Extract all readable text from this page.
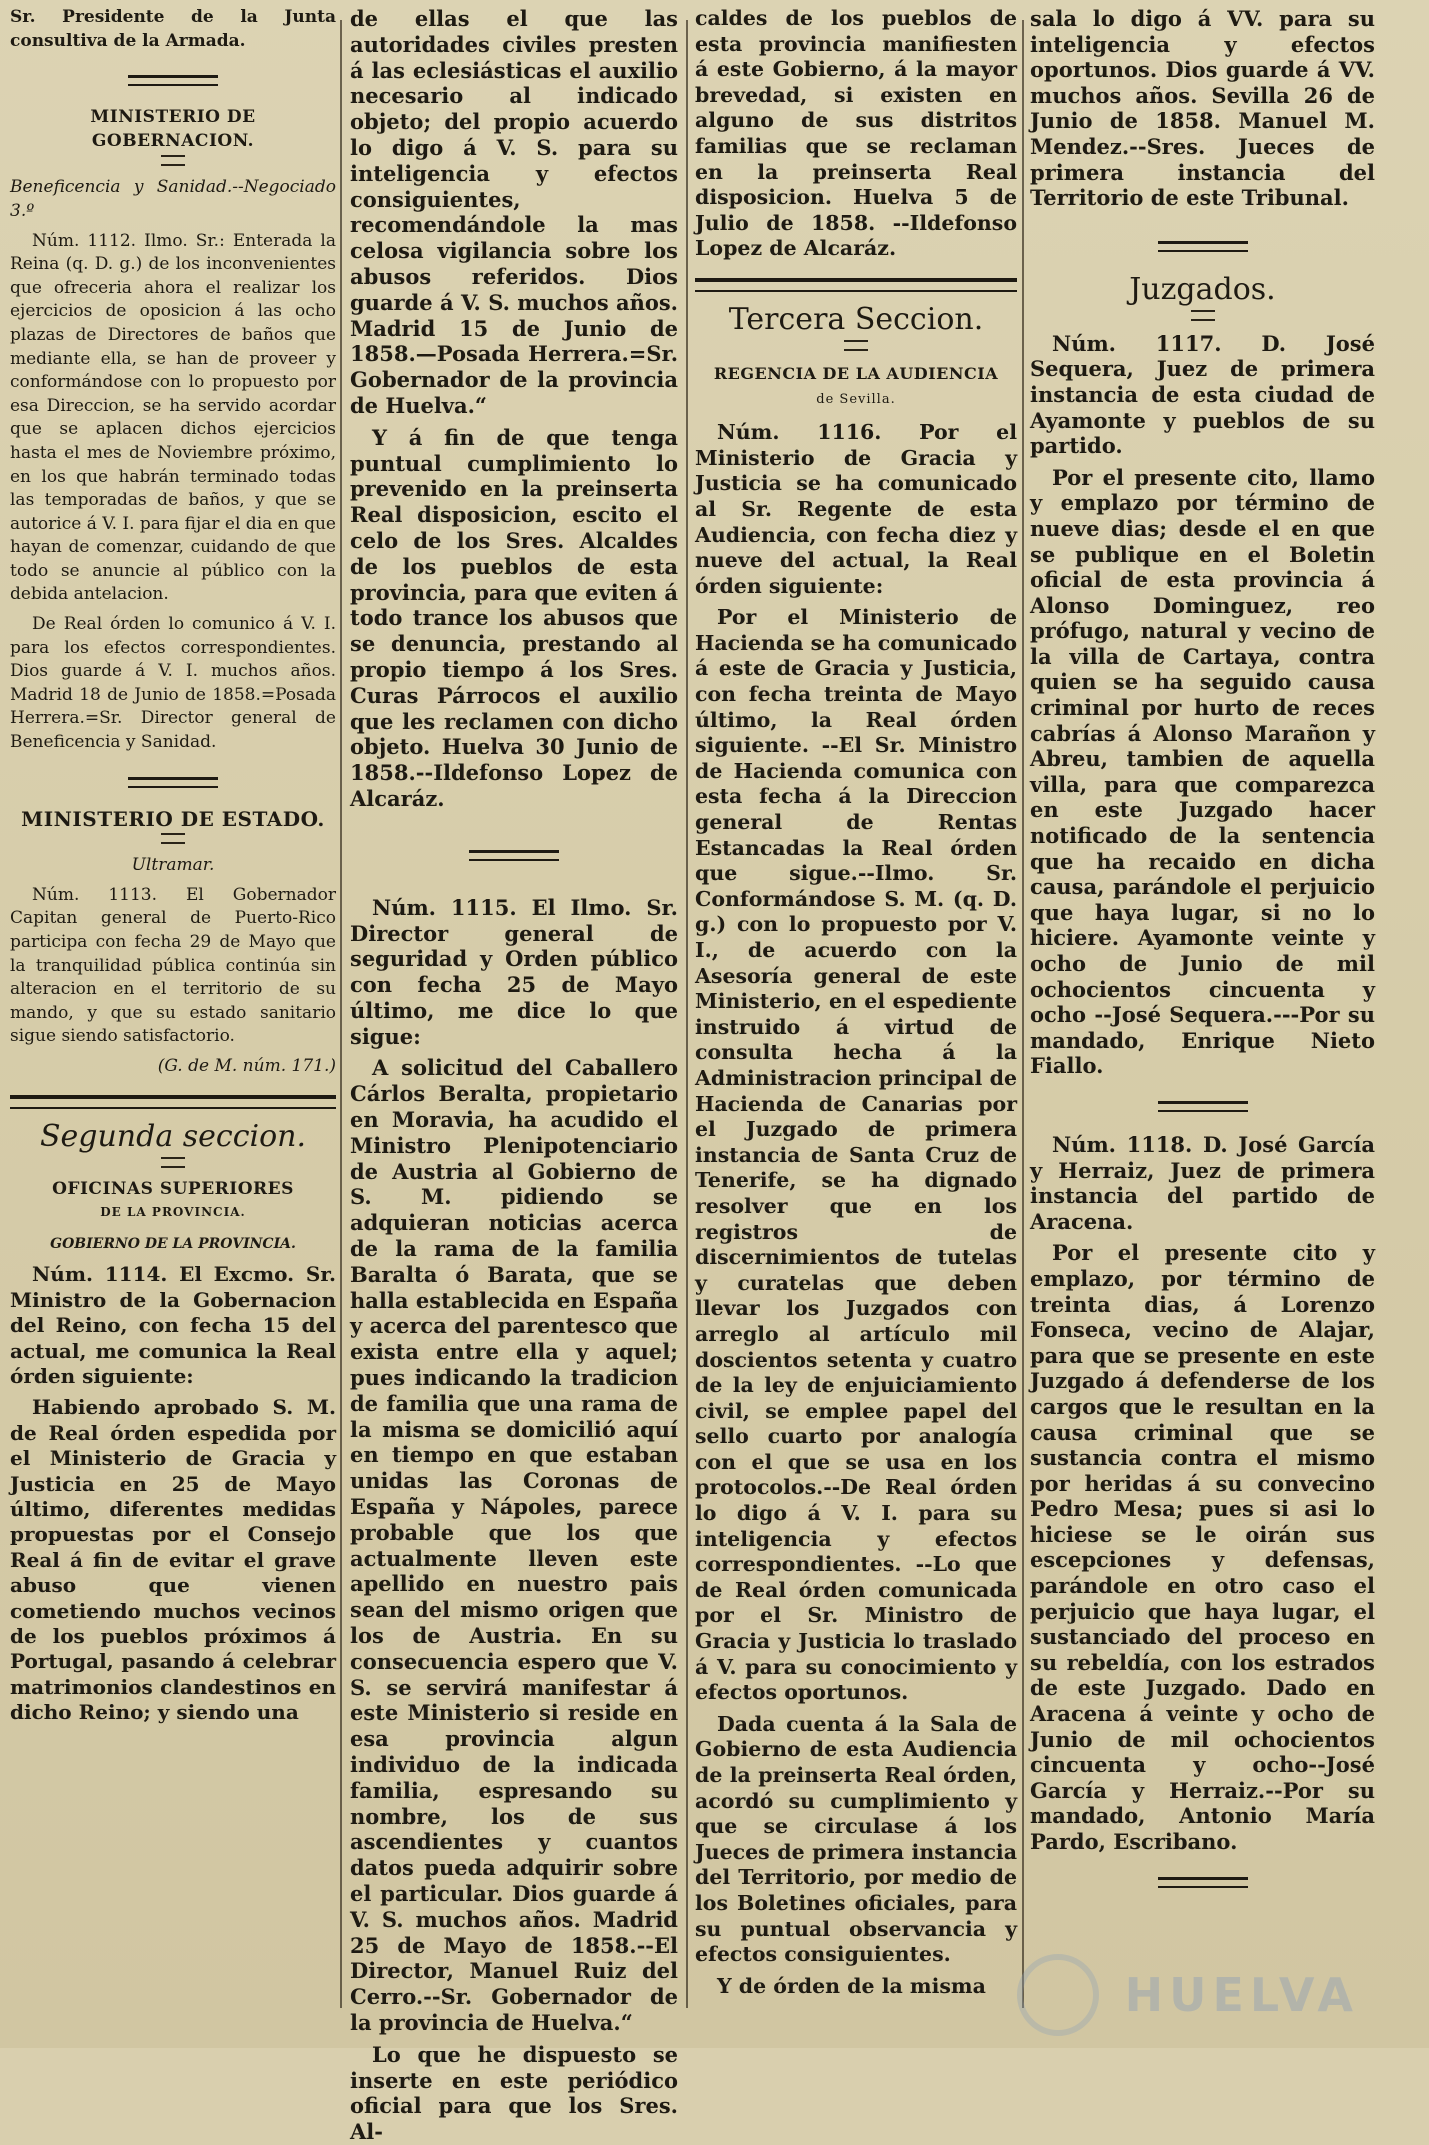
Sr. Presidente de la Junta consultiva de la Armada.

MINISTERIO DE GOBERNACION.

Beneficencia y Sanidad.--Negociado 3.º

Núm. 1112. Ilmo. Sr.: Enterada la Reina (q. D. g.) de los inconvenientes que ofreceria ahora el realizar los ejercicios de oposicion á las ocho plazas de Directores de baños que mediante ella, se han de proveer y conformándose con lo propuesto por esa Direccion, se ha servido acordar que se aplacen dichos ejercicios hasta el mes de Noviembre próximo, en los que habrán terminado todas las temporadas de baños, y que se autorice á V. I. para fijar el dia en que hayan de comenzar, cuidando de que todo se anuncie al público con la debida antelacion.

De Real órden lo comunico á V. I. para los efectos correspondientes. Dios guarde á V. I. muchos años. Madrid 18 de Junio de 1858.=Posada Herrera.=Sr. Director general de Beneficencia y Sanidad.

MINISTERIO DE ESTADO.
Ultramar.

Núm. 1113. El Gobernador Capitan general de Puerto-Rico participa con fecha 29 de Mayo que la tranquilidad pública continúa sin alteracion en el territorio de su mando, y que su estado sanitario sigue siendo satisfactorio.

(G. de M. núm. 171.)

Segunda seccion.
OFICINAS SUPERIORES
DE LA PROVINCIA.
GOBIERNO DE LA PROVINCIA.

Núm. 1114. El Excmo. Sr. Ministro de la Gobernacion del Reino, con fecha 15 del actual, me comunica la Real órden siguiente:

Habiendo aprobado S. M. de Real órden espedida por el Ministerio de Gracia y Justicia en 25 de Mayo último, diferentes medidas propuestas por el Consejo Real á fin de evitar el grave abuso que vienen cometiendo muchos vecinos de los pueblos próximos á Portugal, pasando á celebrar matrimonios clandestinos en dicho Reino; y siendo una

de ellas el que las autoridades civiles presten á las eclesiásticas el auxilio necesario al indicado objeto; del propio acuerdo lo digo á V. S. para su inteligencia y efectos consiguientes, recomendándole la mas celosa vigilancia sobre los abusos referidos. Dios guarde á V. S. muchos años. Madrid 15 de Junio de 1858.—Posada Herrera.=Sr. Gobernador de la provincia de Huelva.“

Y á fin de que tenga puntual cumplimiento lo prevenido en la preinserta Real disposicion, escito el celo de los Sres. Alcaldes de los pueblos de esta provincia, para que eviten á todo trance los abusos que se denuncia, prestando al propio tiempo á los Sres. Curas Párrocos el auxilio que les reclamen con dicho objeto. Huelva 30 Junio de 1858.--Ildefonso Lopez de Alcaráz.

Núm. 1115. El Ilmo. Sr. Director general de seguridad y Orden público con fecha 25 de Mayo último, me dice lo que sigue:

A solicitud del Caballero Cárlos Beralta, propietario en Moravia, ha acudido el Ministro Plenipotenciario de Austria al Gobierno de S. M. pidiendo se adquieran noticias acerca de la rama de la familia Baralta ó Barata, que se halla establecida en España y acerca del parentesco que exista entre ella y aquel; pues indicando la tradicion de familia que una rama de la misma se domicilió aquí en tiempo en que estaban unidas las Coronas de España y Nápoles, parece probable que los que actualmente lleven este apellido en nuestro pais sean del mismo origen que los de Austria. En su consecuencia espero que V. S. se servirá manifestar á este Ministerio si reside en esa provincia algun individuo de la indicada familia, espresando su nombre, los de sus ascendientes y cuantos datos pueda adquirir sobre el particular. Dios guarde á V. S. muchos años. Madrid 25 de Mayo de 1858.--El Director, Manuel Ruiz del Cerro.--Sr. Gobernador de la provincia de Huelva.“

Lo que he dispuesto se inserte en este periódico oficial para que los Sres. Al-

caldes de los pueblos de esta provincia manifiesten á este Gobierno, á la mayor brevedad, si existen en alguno de sus distritos familias que se reclaman en la preinserta Real disposicion. Huelva 5 de Julio de 1858. --Ildefonso Lopez de Alcaráz.

Tercera Seccion.
REGENCIA DE LA AUDIENCIA
de Sevilla.

Núm. 1116. Por el Ministerio de Gracia y Justicia se ha comunicado al Sr. Regente de esta Audiencia, con fecha diez y nueve del actual, la Real órden siguiente:

Por el Ministerio de Hacienda se ha comunicado á este de Gracia y Justicia, con fecha treinta de Mayo último, la Real órden siguiente. --El Sr. Ministro de Hacienda comunica con esta fecha á la Direccion general de Rentas Estancadas la Real órden que sigue.--Ilmo. Sr. Conformándose S. M. (q. D. g.) con lo propuesto por V. I., de acuerdo con la Asesoría general de este Ministerio, en el espediente instruido á virtud de consulta hecha á la Administracion principal de Hacienda de Canarias por el Juzgado de primera instancia de Santa Cruz de Tenerife, se ha dignado resolver que en los registros de discernimientos de tutelas y curatelas que deben llevar los Juzgados con arreglo al artículo mil doscientos setenta y cuatro de la ley de enjuiciamiento civil, se emplee papel del sello cuarto por analogía con el que se usa en los protocolos.--De Real órden lo digo á V. I. para su inteligencia y efectos correspondientes. --Lo que de Real órden comunicada por el Sr. Ministro de Gracia y Justicia lo traslado á V. para su conocimiento y efectos oportunos.

Dada cuenta á la Sala de Gobierno de esta Audiencia de la preinserta Real órden, acordó su cumplimiento y que se circulase á los Jueces de primera instancia del Territorio, por medio de los Boletines oficiales, para su puntual observancia y efectos consiguientes.

Y de órden de la misma

sala lo digo á VV. para su inteligencia y efectos oportunos. Dios guarde á VV. muchos años. Sevilla 26 de Junio de 1858. Manuel M. Mendez.--Sres. Jueces de primera instancia del Territorio de este Tribunal.

Juzgados.

Núm. 1117. D. José Sequera, Juez de primera instancia de esta ciudad de Ayamonte y pueblos de su partido.

Por el presente cito, llamo y emplazo por término de nueve dias; desde el en que se publique en el Boletin oficial de esta provincia á Alonso Dominguez, reo prófugo, natural y vecino de la villa de Cartaya, contra quien se ha seguido causa criminal por hurto de reces cabrías á Alonso Marañon y Abreu, tambien de aquella villa, para que comparezca en este Juzgado hacer notificado de la sentencia que ha recaido en dicha causa, parándole el perjuicio que haya lugar, si no lo hiciere. Ayamonte veinte y ocho de Junio de mil ochocientos cincuenta y ocho --José Sequera.---Por su mandado, Enrique Nieto Fiallo.

Núm. 1118. D. José García y Herraiz, Juez de primera instancia del partido de Aracena.

Por el presente cito y emplazo, por término de treinta dias, á Lorenzo Fonseca, vecino de Alajar, para que se presente en este Juzgado á defenderse de los cargos que le resultan en la causa criminal que se sustancia contra el mismo por heridas á su convecino Pedro Mesa; pues si asi lo hiciese se le oirán sus escepciones y defensas, parándole en otro caso el perjuicio que haya lugar, el sustanciado del proceso en su rebeldía, con los estrados de este Juzgado. Dado en Aracena á veinte y ocho de Junio de mil ochocientos cincuenta y ocho--José García y Herraiz.--Por su mandado, Antonio María Pardo, Escribano.

HUELVA
